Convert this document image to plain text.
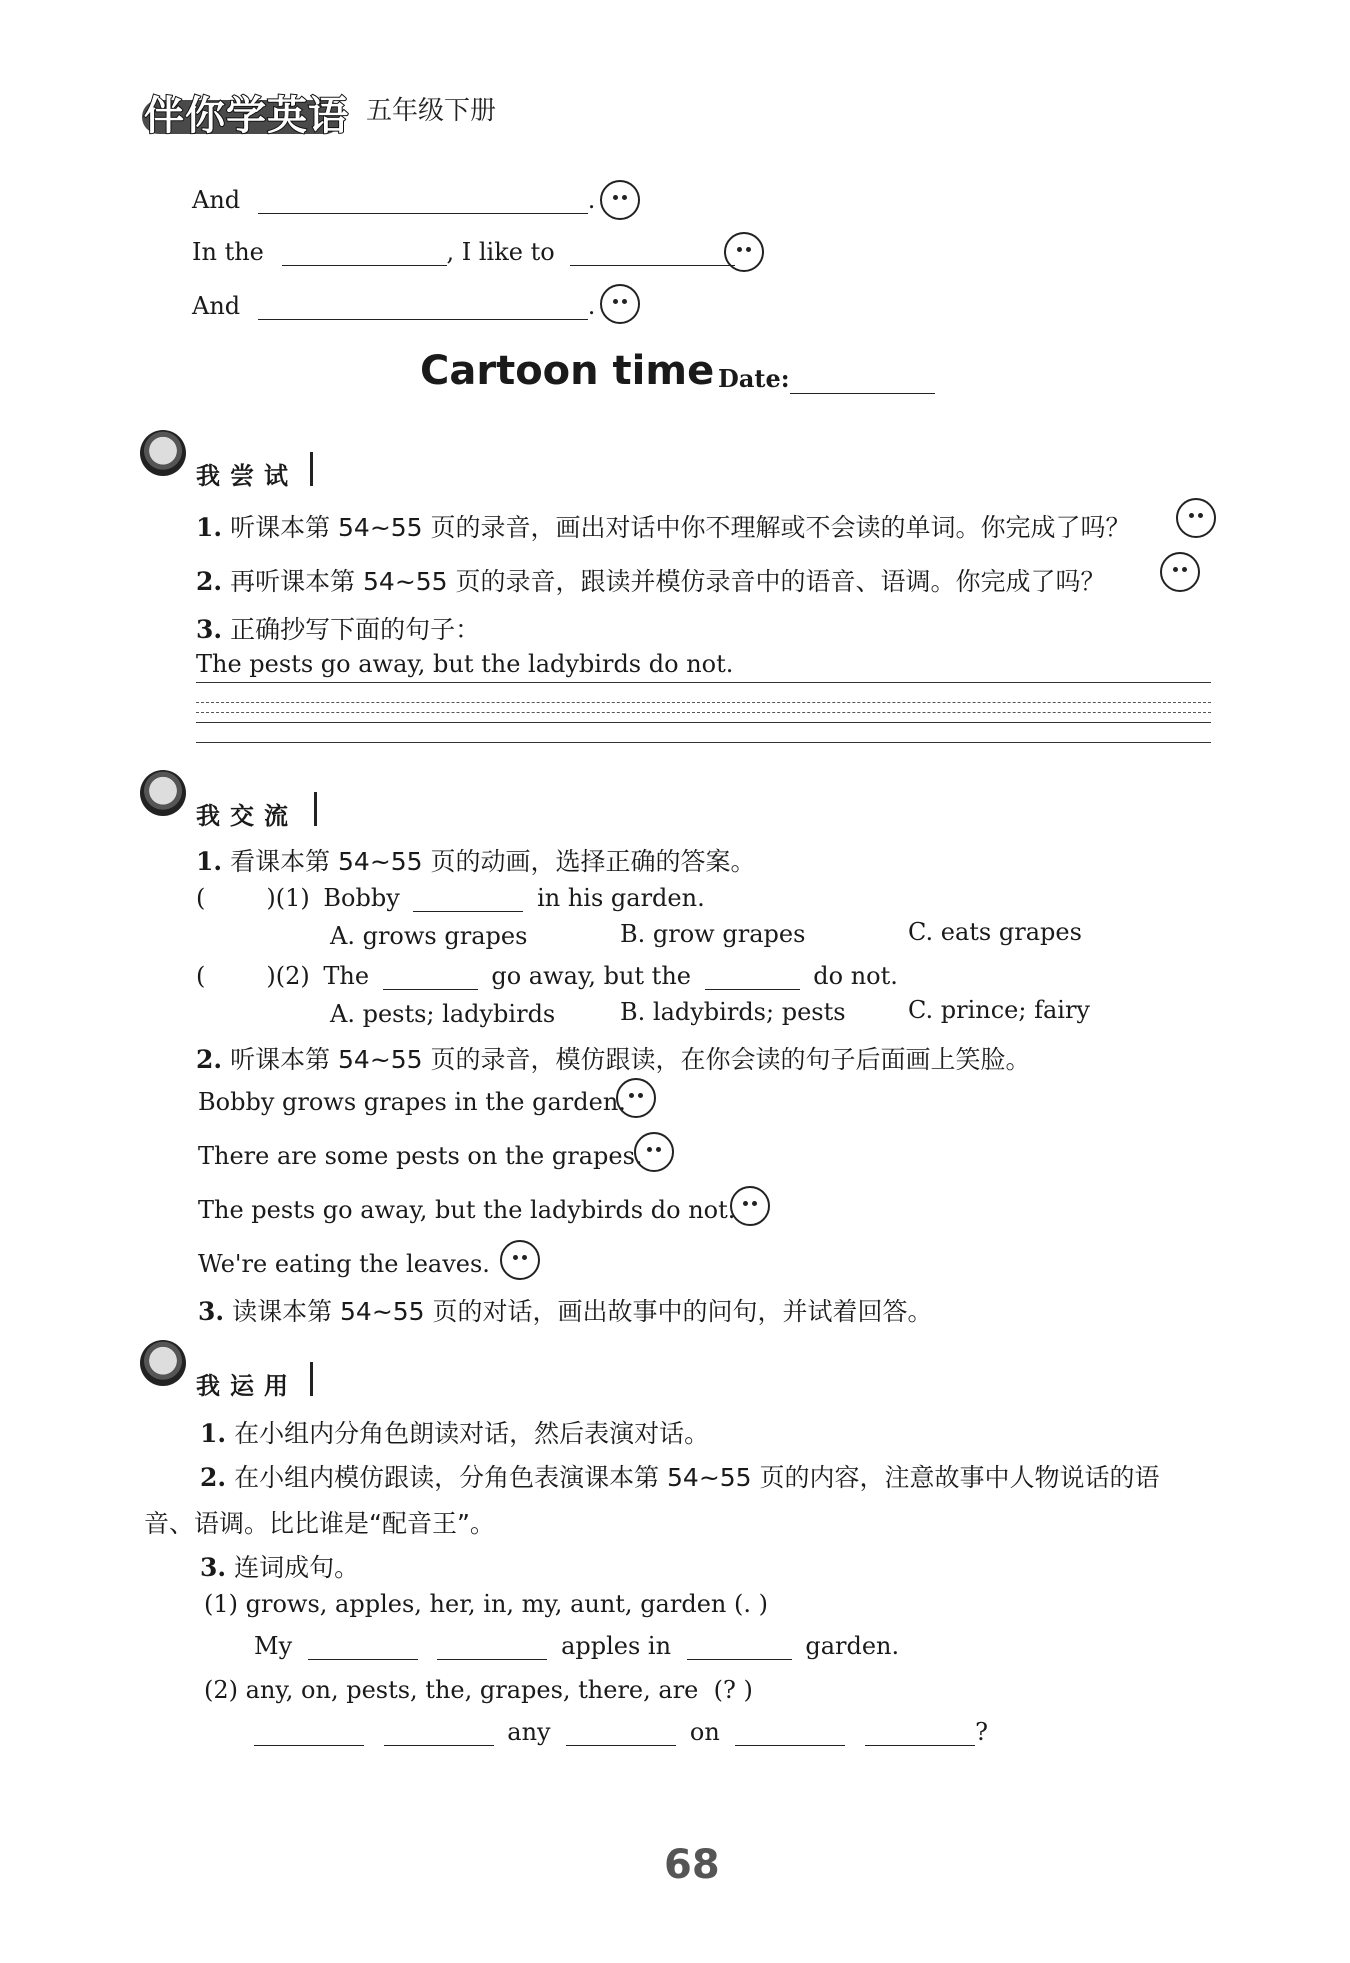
伴你学英语 五年级下册
And	.
In the	, I like to
And	.
Cartoon time Date:
我尝试
1. 听课本第 54~55 页的录音，画出对话中你不理解或不会读的单词。你完成了吗？
2. 再听课本第 54~55 页的录音，跟读并模仿录音中的语音、语调。你完成了吗？
3. 正确抄写下面的句子：
The pests go away, but the ladybirds do not.
我交流
1. 看课本第 54~55 页的动画，选择正确的答案。
(        )(1) Bobby	in his garden.
A. grows grapes	B. grow grapes	C. eats grapes
(        )(2) The	go away, but the	do not.
A. pests; ladybirds	B. ladybirds; pests	C. prince; fairy
2. 听课本第 54~55 页的录音，模仿跟读，在你会读的句子后面画上笑脸。
Bobby grows grapes in the garden.
There are some pests on the grapes.
The pests go away, but the ladybirds do not.
We're eating the leaves.
3. 读课本第 54~55 页的对话，画出故事中的问句，并试着回答。
我运用
1. 在小组内分角色朗读对话，然后表演对话。
2. 在小组内模仿跟读，分角色表演课本第 54~55 页的内容，注意故事中人物说话的语
音、语调。比比谁是“配音王”。
3. 连词成句。
(1) grows, apples, her, in, my, aunt, garden (. )
My	apples in	garden.
(2) any, on, pests, the, grapes, there, are  (? )
any	on	?
68
